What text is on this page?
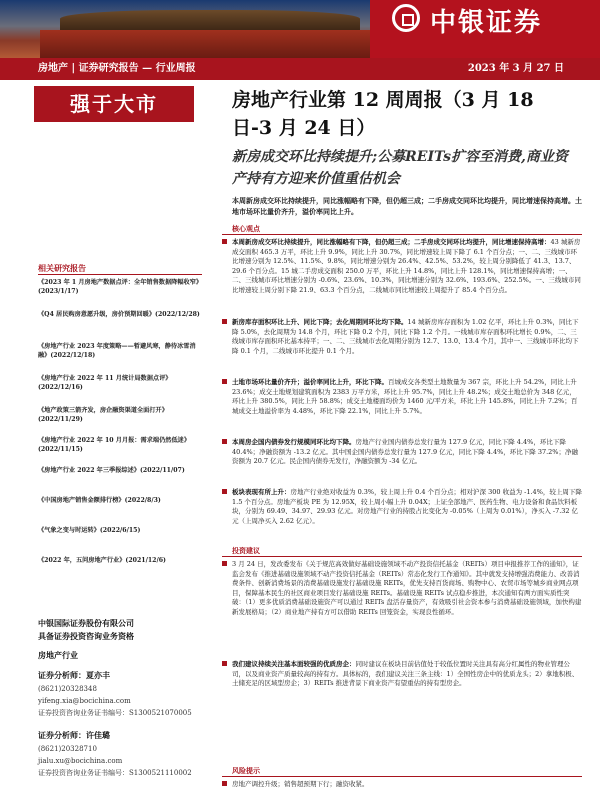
中银证券
房地产 | 证券研究报告 — 行业周报	2023 年 3 月 27 日
强于大市	房地产行业第 12 周周报（3 月 18 日-3 月 24 日）
新房成交环比持续提升;公募REITs扩容至消费,商业资产持有方迎来价值重估机会
本周新房成交环比持续提升，同比涨幅略有下降，但仍超三成；二手房成交同环比均提升，同比增速保持高增。土地市场环比量价齐升，溢价率同比上升。
核心观点
本周新房成交环比持续提升，同比涨幅略有下降，但仍超三成；二手房成交同环比均提升，同比增速保持高增：43 城新房成交面积 465.3 万平，环比上升 9.9%，同比上升 30.7%，同比增速较上周下降了 6.1 个百分点；一、二、三线城市环比增速分别为 12.5%、11.5%、9.8%，同比增速分别为 26.4%、42.5%、53.2%，较上周分别降低了 41.3、13.7、29.6 个百分点。15 城二手房成交面积 250.0 万平，环比上升 14.8%，同比上升 128.1%，同比增速保持高增；一、二、三线城市环比增速分别为 -0.6%、23.6%、10.3%，同比增速分别为 32.6%、193.6%、252.5%。一、三线城市同比增速较上周分别下降 21.9、63.3 个百分点，二线城市同比增速较上周提升了 85.4 个百分点。
新房库存面积环比上升、同比下降；去化周期同环比均下降。14 城新房库存面积为 1.02 亿平，环比上升 0.3%，同比下降 5.0%，去化周期为 14.8 个月，环比下降 0.2 个月，同比下降 1.2 个月。一线城市库存面积环比增长 0.9%，二、三线城市库存面积环比基本持平；一、二、三线城市去化周期分别为 12.7、13.0、13.4 个月，其中一、三线城市环比均下降 0.1 个月，二线城市环比提升 0.1 个月。
土地市场环比量价齐升；溢价率同比上升，环比下降。百城成交各类型土地数量为 367 宗，环比上升 54.2%，同比上升 23.6%；成交土地规划建筑面积为 2383 万平方米，环比上升 95.7%，同比上升 48.2%；成交土地总价为 348 亿元，环比上升 380.5%，同比上升 58.8%；成交土地楼面均价为 1460 元/平方米，环比上升 145.8%，同比上升 7.2%；百城成交土地溢价率为 4.48%，环比下降 22.1%，同比上升 5.7%。
本周房企国内债券发行规模同环比均下降。房地产行业国内债券总发行量为 127.9 亿元，同比下降 4.4%，环比下降 40.4%；净融资额为 -13.2 亿元。其中国企国内债券总发行量为 127.9 亿元，同比下降 4.4%，环比下降 37.2%；净融资额为 20.7 亿元。民企国内债券无发行，净融资额为 -34 亿元。
板块表现有所上升：房地产行业绝对收益为 0.3%，较上周上升 0.4 个百分点；相对沪深 300 收益为 -1.4%，较上周下降 1.5 个百分点。房地产板块 PE 为 12.95X，较上周小幅上升 0.04X；上证全部地产、医药生物、电力设备和食品饮料板块，分别为 69.49、34.97、29.93 亿元。对房地产行业的持股占比变化为 -0.05%（上周为 0.01%），净买入 -7.32 亿元（上周净买入 2.62 亿元）。
投资建议
3 月 24 日，发改委发布《关于规范高效做好基础设施领域不动产投资信托基金（REITs）项目申报推荐工作的通知》，证监会发布《推进基础设施领域不动产投资信托基金（REITs）常态化发行工作通知》。其中就发支持增强消费能力、改善消费条件、创新消费场景的消费基础设施发行基础设施 REITs，优先支持百货商场、购物中心、农贸市场等城乡商业网点项目，保障基本民生的社区商业项目发行基础设施 REITs。基础设施 REITs 试点稳步推进，本次通知有两方面实质性突破：（1）更多优质消费基础设施资产可以通过 REITs 盘活存量资产，有效吸引社会资本参与消费基础设施领域，加快构建新发展格局；（2）商业地产持有方可以借助 REITs 回笼资金，实现良性循环。
我们建议持续关注基本面较强的优质房企：同时建议在板块目前估值处于较低位置时关注具有高分红属性的物业管理公司，以及商业资产质量较高的持有方。具体标的，我们建议关注三条主线：1）全国性房企中的优质龙头；2）拿地积极、土储充足的区域型房企；3）REITs 推进背景下商业资产有望重估的持有型房企。
风险提示
房地产调控升级；销售超预期下行；融资收紧。
相关研究报告
《2023 年 1 月房地产数据点评：全年销售数据降幅收窄》(2023/1/17)
《Q4 居民购房意愿升级，房价预期回暖》(2022/12/28)
《房地产行业 2023 年度策略——暂避风寒，静待冰雪消融》(2022/12/18)
《房地产行业 2022 年 11 月统计局数据点评》(2022/12/16)
《地产政策三箭齐发，房企融资渠道全面打开》(2022/11/29)
《房地产行业 2022 年 10 月月报：需求端仍然低迷》(2022/11/15)
《房地产行业 2022 年三季报综述》(2022/11/07)
《中国房地产销售金额排行榜》(2022/8/3)
《气象之变与时运转》(2022/6/15)
《2022 年，五问房地产行业》(2021/12/6)
中银国际证券股份有限公司
具备证券投资咨询业务资格
房地产行业
证券分析师：夏亦丰
(8621)20328348
yifeng.xia@bocichina.com
证券投资咨询业务证书编号：S1300521070005
证券分析师：许佳璐
(8621)20328710
jialu.xu@bocichina.com
证券投资咨询业务证书编号：S1300521110002
